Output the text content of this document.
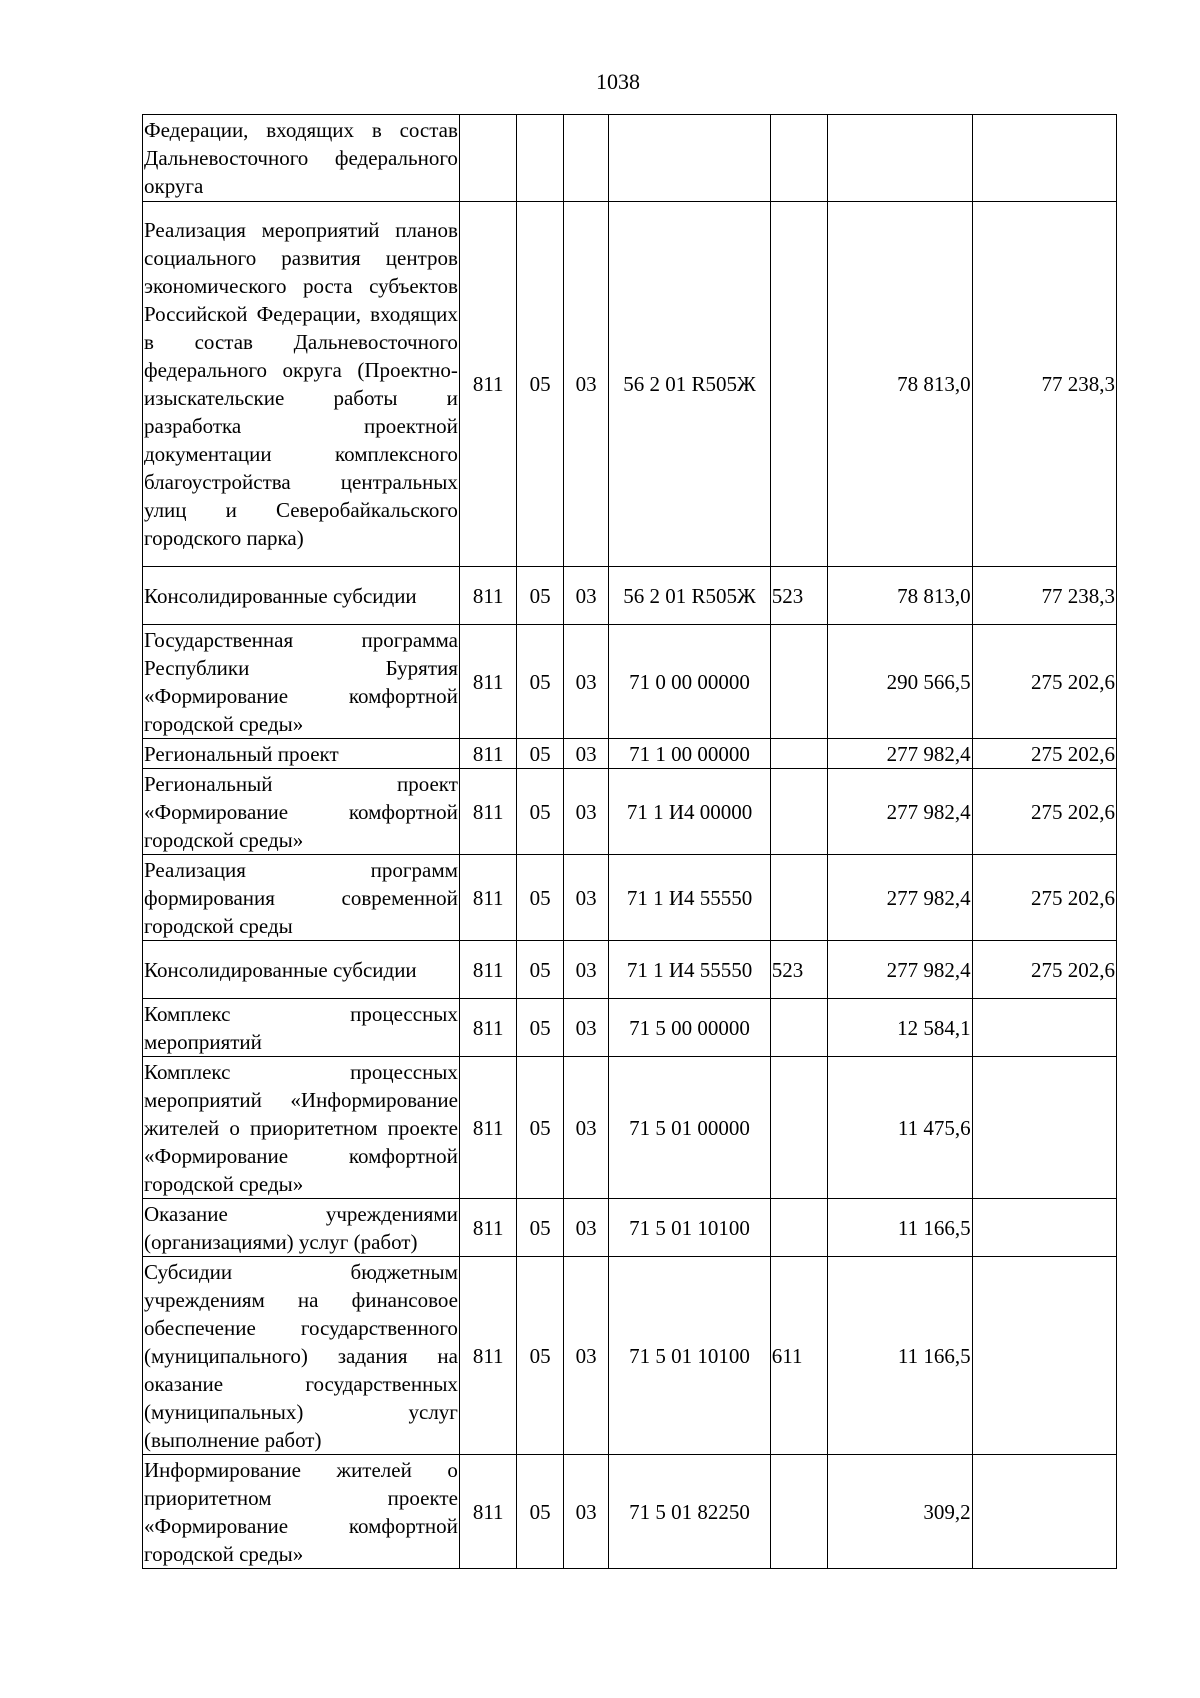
1038
Федерации, входящих в состав Дальневосточного федерального округа							
Реализация мероприятий планов социального развития центров экономического роста субъектов Российской Федерации, входящих в состав Дальневосточного федерального округа (Проектно-изыскательские работы и разработка проектной документации комплексного благоустройства центральных улиц и Северобайкальского городского парка)	811	05	03	56 2 01 R505Ж		78 813,0	77 238,3
Консолидированные субсидии	811	05	03	56 2 01 R505Ж	523	78 813,0	77 238,3
Государственная программа Республики Бурятия «Формирование комфортной городской среды»	811	05	03	71 0 00 00000		290 566,5	275 202,6
Региональный проект	811	05	03	71 1 00 00000		277 982,4	275 202,6
Региональный проект «Формирование комфортной городской среды»	811	05	03	71 1 И4 00000		277 982,4	275 202,6
Реализация программ формирования современной городской среды	811	05	03	71 1 И4 55550		277 982,4	275 202,6
Консолидированные субсидии	811	05	03	71 1 И4 55550	523	277 982,4	275 202,6
Комплекс процессных мероприятий	811	05	03	71 5 00 00000		12 584,1	
Комплекс процессных мероприятий «Информирование жителей о приоритетном проекте «Формирование комфортной городской среды»	811	05	03	71 5 01 00000		11 475,6	
Оказание учреждениями (организациями) услуг (работ)	811	05	03	71 5 01 10100		11 166,5	
Субсидии бюджетным учреждениям на финансовое обеспечение государственного (муниципального) задания на оказание государственных (муниципальных) услуг (выполнение работ)	811	05	03	71 5 01 10100	611	11 166,5	
Информирование жителей о приоритетном проекте «Формирование комфортной городской среды»	811	05	03	71 5 01 82250		309,2	
